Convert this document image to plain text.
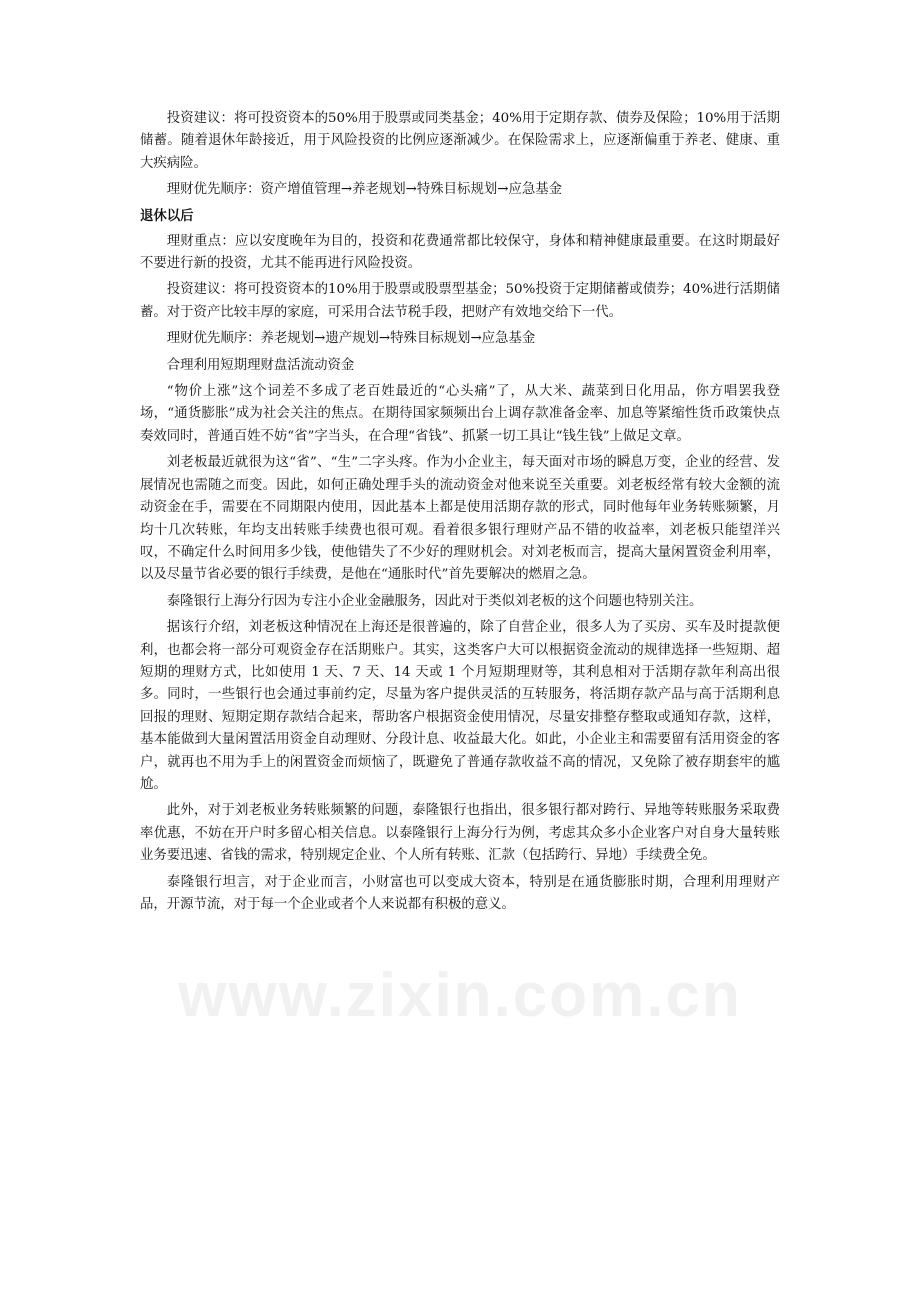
投资建议：将可投资资本的50%用于股票或同类基金；40%用于定期存款、债券及保险；10%用于活期储蓄。随着退休年龄接近，用于风险投资的比例应逐渐减少。在保险需求上，应逐渐偏重于养老、健康、重大疾病险。

理财优先顺序：资产增值管理→养老规划→特殊目标规划→应急基金

退休以后

理财重点：应以安度晚年为目的，投资和花费通常都比较保守，身体和精神健康最重要。在这时期最好不要进行新的投资，尤其不能再进行风险投资。

投资建议：将可投资资本的10%用于股票或股票型基金；50%投资于定期储蓄或债券；40%进行活期储蓄。对于资产比较丰厚的家庭，可采用合法节税手段，把财产有效地交给下一代。

理财优先顺序：养老规划→遗产规划→特殊目标规划→应急基金

合理利用短期理财盘活流动资金

“物价上涨”这个词差不多成了老百姓最近的“心头痛”了，从大米、蔬菜到日化用品，你方唱罢我登场，“通货膨胀”成为社会关注的焦点。在期待国家频频出台上调存款准备金率、加息等紧缩性货币政策快点奏效同时，普通百姓不妨“省”字当头，在合理“省钱”、抓紧一切工具让“钱生钱”上做足文章。

刘老板最近就很为这“省”、“生”二字头疼。作为小企业主，每天面对市场的瞬息万变，企业的经营、发展情况也需随之而变。因此，如何正确处理手头的流动资金对他来说至关重要。刘老板经常有较大金额的流动资金在手，需要在不同期限内使用，因此基本上都是使用活期存款的形式，同时他每年业务转账频繁，月均十几次转账，年均支出转账手续费也很可观。看着很多银行理财产品不错的收益率，刘老板只能望洋兴叹，不确定什么时间用多少钱，使他错失了不少好的理财机会。对刘老板而言，提高大量闲置资金利用率，以及尽量节省必要的银行手续费，是他在“通胀时代”首先要解决的燃眉之急。

泰隆银行上海分行因为专注小企业金融服务，因此对于类似刘老板的这个问题也特别关注。

据该行介绍，刘老板这种情况在上海还是很普遍的，除了自营企业，很多人为了买房、买车及时提款便利，也都会将一部分可观资金存在活期账户。其实，这类客户大可以根据资金流动的规律选择一些短期、超短期的理财方式，比如使用 1 天、7 天、14 天或 1 个月短期理财等，其利息相对于活期存款年利高出很多。同时，一些银行也会通过事前约定，尽量为客户提供灵活的互转服务，将活期存款产品与高于活期利息回报的理财、短期定期存款结合起来，帮助客户根据资金使用情况，尽量安排整存整取或通知存款，这样，基本能做到大量闲置活用资金自动理财、分段计息、收益最大化。如此，小企业主和需要留有活用资金的客户，就再也不用为手上的闲置资金而烦恼了，既避免了普通存款收益不高的情况，又免除了被存期套牢的尴尬。

此外，对于刘老板业务转账频繁的问题，泰隆银行也指出，很多银行都对跨行、异地等转账服务采取费率优惠，不妨在开户时多留心相关信息。以泰隆银行上海分行为例，考虑其众多小企业客户对自身大量转账业务要迅速、省钱的需求，特别规定企业、个人所有转账、汇款（包括跨行、异地）手续费全免。

泰隆银行坦言，对于企业而言，小财富也可以变成大资本，特别是在通货膨胀时期，合理利用理财产品，开源节流，对于每一个企业或者个人来说都有积极的意义。

www.zixin.com.cn
